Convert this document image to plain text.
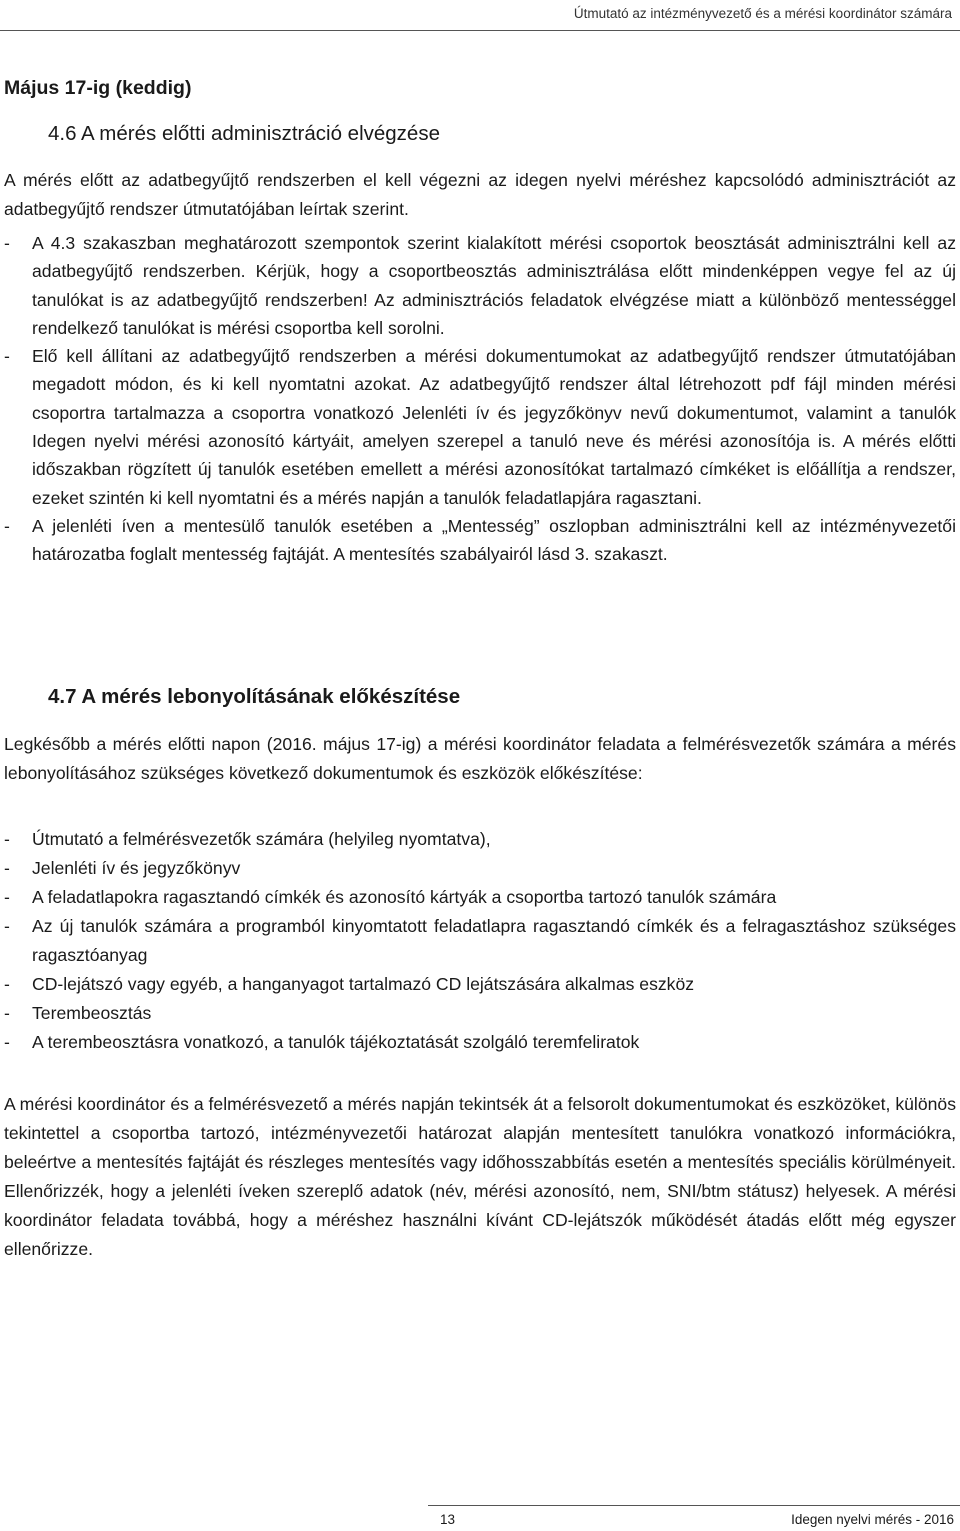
Útmutató az intézményvezető és a mérési koordinátor számára
Május 17-ig (keddig)
4.6 A mérés előtti adminisztráció elvégzése

A mérés előtt az adatbegyűjtő rendszerben el kell végezni az idegen nyelvi méréshez kapcsolódó adminisztrációt az adatbegyűjtő rendszer útmutatójában leírtak szerint.

- A 4.3 szakaszban meghatározott szempontok szerint kialakított mérési csoportok beosztását adminisztrálni kell az adatbegyűjtő rendszerben. Kérjük, hogy a csoportbeosztás adminisztrálása előtt mindenképpen vegye fel az új tanulókat is az adatbegyűjtő rendszerben! Az adminisztrációs feladatok elvégzése miatt a különböző mentességgel rendelkező tanulókat is mérési csoportba kell sorolni.
- Elő kell állítani az adatbegyűjtő rendszerben a mérési dokumentumokat az adatbegyűjtő rendszer útmutatójában megadott módon, és ki kell nyomtatni azokat. Az adatbegyűjtő rendszer által létrehozott pdf fájl minden mérési csoportra tartalmazza a csoportra vonatkozó Jelenléti ív és jegyzőkönyv nevű dokumentumot, valamint a tanulók Idegen nyelvi mérési azonosító kártyáit, amelyen szerepel a tanuló neve és mérési azonosítója is. A mérés előtti időszakban rögzített új tanulók esetében emellett a mérési azonosítókat tartalmazó címkéket is előállítja a rendszer, ezeket szintén ki kell nyomtatni és a mérés napján a tanulók feladatlapjára ragasztani.
- A jelenléti íven a mentesülő tanulók esetében a „Mentesség” oszlopban adminisztrálni kell az intézményvezetői határozatba foglalt mentesség fajtáját. A mentesítés szabályairól lásd 3. szakaszt.
4.7 A mérés lebonyolításának előkészítése

Legkésőbb a mérés előtti napon (2016. május 17-ig) a mérési koordinátor feladata a felmérésvezetők számára a mérés lebonyolításához szükséges következő dokumentumok és eszközök előkészítése:

- Útmutató a felmérésvezetők számára (helyileg nyomtatva),
- Jelenléti ív és jegyzőkönyv
- A feladatlapokra ragasztandó címkék és azonosító kártyák a csoportba tartozó tanulók számára
- Az új tanulók számára a programból kinyomtatott feladatlapra ragasztandó címkék és a felragasztáshoz szükséges ragasztóanyag
- CD-lejátszó vagy egyéb, a hanganyagot tartalmazó CD lejátszására alkalmas eszköz
- Terembeosztás
- A terembeosztásra vonatkozó, a tanulók tájékoztatását szolgáló teremfeliratok

A mérési koordinátor és a felmérésvezető a mérés napján tekintsék át a felsorolt dokumentumokat és eszközöket, különös tekintettel a csoportba tartozó, intézményvezetői határozat alapján mentesített tanulókra vonatkozó információkra, beleértve a mentesítés fajtáját és részleges mentesítés vagy időhosszabbítás esetén a mentesítés speciális körülményeit. Ellenőrizzék, hogy a jelenléti íveken szereplő adatok (név, mérési azonosító, nem, SNI/btm státusz) helyesek. A mérési koordinátor feladata továbbá, hogy a méréshez használni kívánt CD-lejátszók működését átadás előtt még egyszer ellenőrizze.

13	Idegen nyelvi mérés - 2016
